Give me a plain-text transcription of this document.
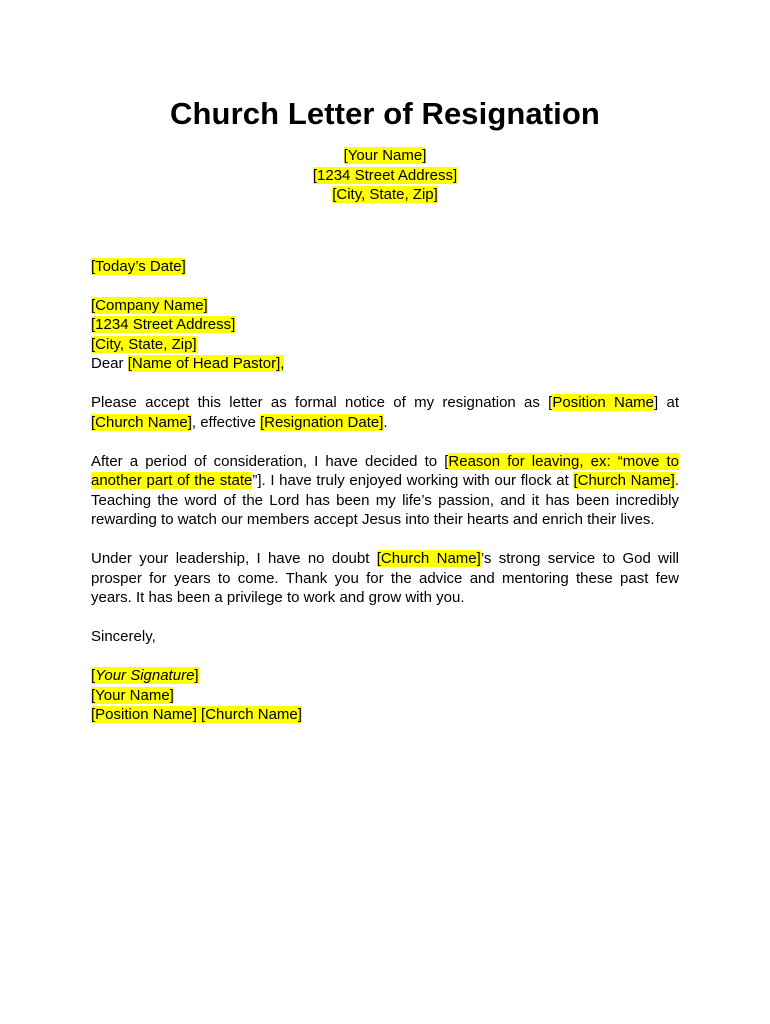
Church Letter of Resignation
[Your Name]
[1234 Street Address]
[City, State, Zip]
[Today’s Date]
[Company Name]
[1234 Street Address]
[City, State, Zip]
Dear [Name of Head Pastor],

Please accept this letter as formal notice of my resignation as [Position Name] at [Church Name], effective [Resignation Date].

After a period of consideration, I have decided to [Reason for leaving, ex: “move to another part of the state”]. I have truly enjoyed working with our flock at [Church Name]. Teaching the word of the Lord has been my life’s passion, and it has been incredibly rewarding to watch our members accept Jesus into their hearts and enrich their lives.

Under your leadership, I have no doubt [Church Name]’s strong service to God will prosper for years to come. Thank you for the advice and mentoring these past few years. It has been a privilege to work and grow with you.

Sincerely,
[Your Signature]
[Your Name]
[Position Name] [Church Name]
